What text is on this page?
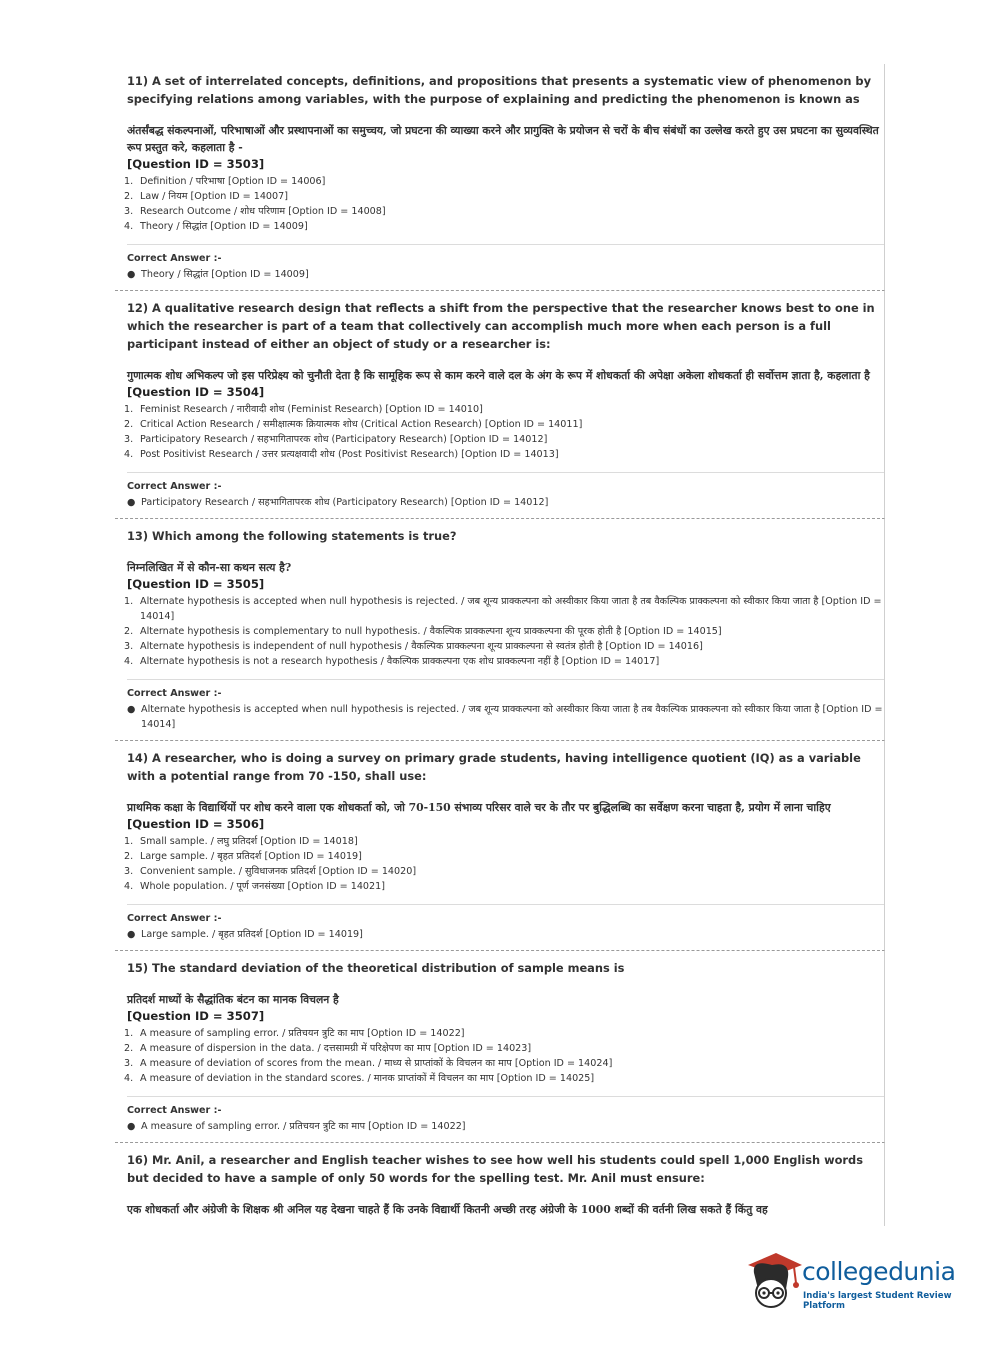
11) A set of interrelated concepts, definitions, and propositions that presents a systematic view of phenomenon by specifying relations among variables, with the purpose of explaining and predicting the phenomenon is known as

अंतर्संबद्ध संकल्पनाओं, परिभाषाओं और प्रस्थापनाओं का समुच्चय, जो प्रघटना की व्याख्या करने और प्रागुक्ति के प्रयोजन से चरों के बीच संबंधों का उल्लेख करते हुए उस प्रघटना का सुव्यवस्थित रूप प्रस्तुत करे, कहलाता है -

[Question ID = 3503]

1. Definition / परिभाषा [Option ID = 14006]
2. Law / नियम [Option ID = 14007]
3. Research Outcome / शोध परिणाम [Option ID = 14008]
4. Theory / सिद्धांत [Option ID = 14009]
Correct Answer :-
● Theory / सिद्धांत [Option ID = 14009]

12) A qualitative research design that reflects a shift from the perspective that the researcher knows best to one in which the researcher is part of a team that collectively can accomplish much more when each person is a full participant instead of either an object of study or a researcher is:

गुणात्मक शोध अभिकल्प जो इस परिप्रेक्ष्य को चुनौती देता है कि सामूहिक रूप से काम करने वाले दल के अंग के रूप में शोधकर्ता की अपेक्षा अकेला शोधकर्ता ही सर्वोत्तम ज्ञाता है, कहलाता है

[Question ID = 3504]

1. Feminist Research / नारीवादी शोध (Feminist Research) [Option ID = 14010]
2. Critical Action Research / समीक्षात्मक क्रियात्मक शोध (Critical Action Research) [Option ID = 14011]
3. Participatory Research / सहभागितापरक शोध (Participatory Research) [Option ID = 14012]
4. Post Positivist Research / उत्तर प्रत्यक्षवादी शोध (Post Positivist Research) [Option ID = 14013]
Correct Answer :-
● Participatory Research / सहभागितापरक शोध (Participatory Research) [Option ID = 14012]

13) Which among the following statements is true?

निम्नलिखित में से कौन-सा कथन सत्य है?

[Question ID = 3505]

1. Alternate hypothesis is accepted when null hypothesis is rejected. / जब शून्य प्राक्कल्पना को अस्वीकार किया जाता है तब वैकल्पिक प्राक्कल्पना को स्वीकार किया जाता है [Option ID = 14014]
2. Alternate hypothesis is complementary to null hypothesis. / वैकल्पिक प्राक्कल्पना शून्य प्राक्कल्पना की पूरक होती है [Option ID = 14015]
3. Alternate hypothesis is independent of null hypothesis / वैकल्पिक प्राक्कल्पना शून्य प्राक्कल्पना से स्वतंत्र होती है [Option ID = 14016]
4. Alternate hypothesis is not a research hypothesis / वैकल्पिक प्राक्कल्पना एक शोध प्राक्कल्पना नहीं है [Option ID = 14017]
Correct Answer :-
● Alternate hypothesis is accepted when null hypothesis is rejected. / जब शून्य प्राक्कल्पना को अस्वीकार किया जाता है तब वैकल्पिक प्राक्कल्पना को स्वीकार किया जाता है [Option ID = 14014]

14) A researcher, who is doing a survey on primary grade students, having intelligence quotient (IQ) as a variable with a potential range from 70 -150, shall use:

प्राथमिक कक्षा के विद्यार्थियों पर शोध करने वाला एक शोधकर्ता को, जो 70-150 संभाव्य परिसर वाले चर के तौर पर बुद्धिलब्धि का सर्वेक्षण करना चाहता है, प्रयोग में लाना चाहिए

[Question ID = 3506]

1. Small sample. / लघु प्रतिदर्श [Option ID = 14018]
2. Large sample. / बृहत प्रतिदर्श [Option ID = 14019]
3. Convenient sample. / सुविधाजनक प्रतिदर्श [Option ID = 14020]
4. Whole population. / पूर्ण जनसंख्या [Option ID = 14021]
Correct Answer :-
● Large sample. / बृहत प्रतिदर्श [Option ID = 14019]

15) The standard deviation of the theoretical distribution of sample means is

प्रतिदर्श माध्यों के सैद्धांतिक बंटन का मानक विचलन है

[Question ID = 3507]

1. A measure of sampling error. / प्रतिचयन त्रुटि का माप [Option ID = 14022]
2. A measure of dispersion in the data. / दत्तसामग्री में परिक्षेपण का माप [Option ID = 14023]
3. A measure of deviation of scores from the mean. / माध्य से प्राप्तांकों के विचलन का माप [Option ID = 14024]
4. A measure of deviation in the standard scores. / मानक प्राप्तांकों में विचलन का माप [Option ID = 14025]
Correct Answer :-
● A measure of sampling error. / प्रतिचयन त्रुटि का माप [Option ID = 14022]

16) Mr. Anil, a researcher and English teacher wishes to see how well his students could spell 1,000 English words but decided to have a sample of only 50 words for the spelling test. Mr. Anil must ensure:

एक शोधकर्ता और अंग्रेजी के शिक्षक श्री अनिल यह देखना चाहते हैं कि उनके विद्यार्थी कितनी अच्छी तरह अंग्रेजी के 1000 शब्दों की वर्तनी लिख सकते हैं किंतु वह

collegedunia
India's largest Student Review Platform
